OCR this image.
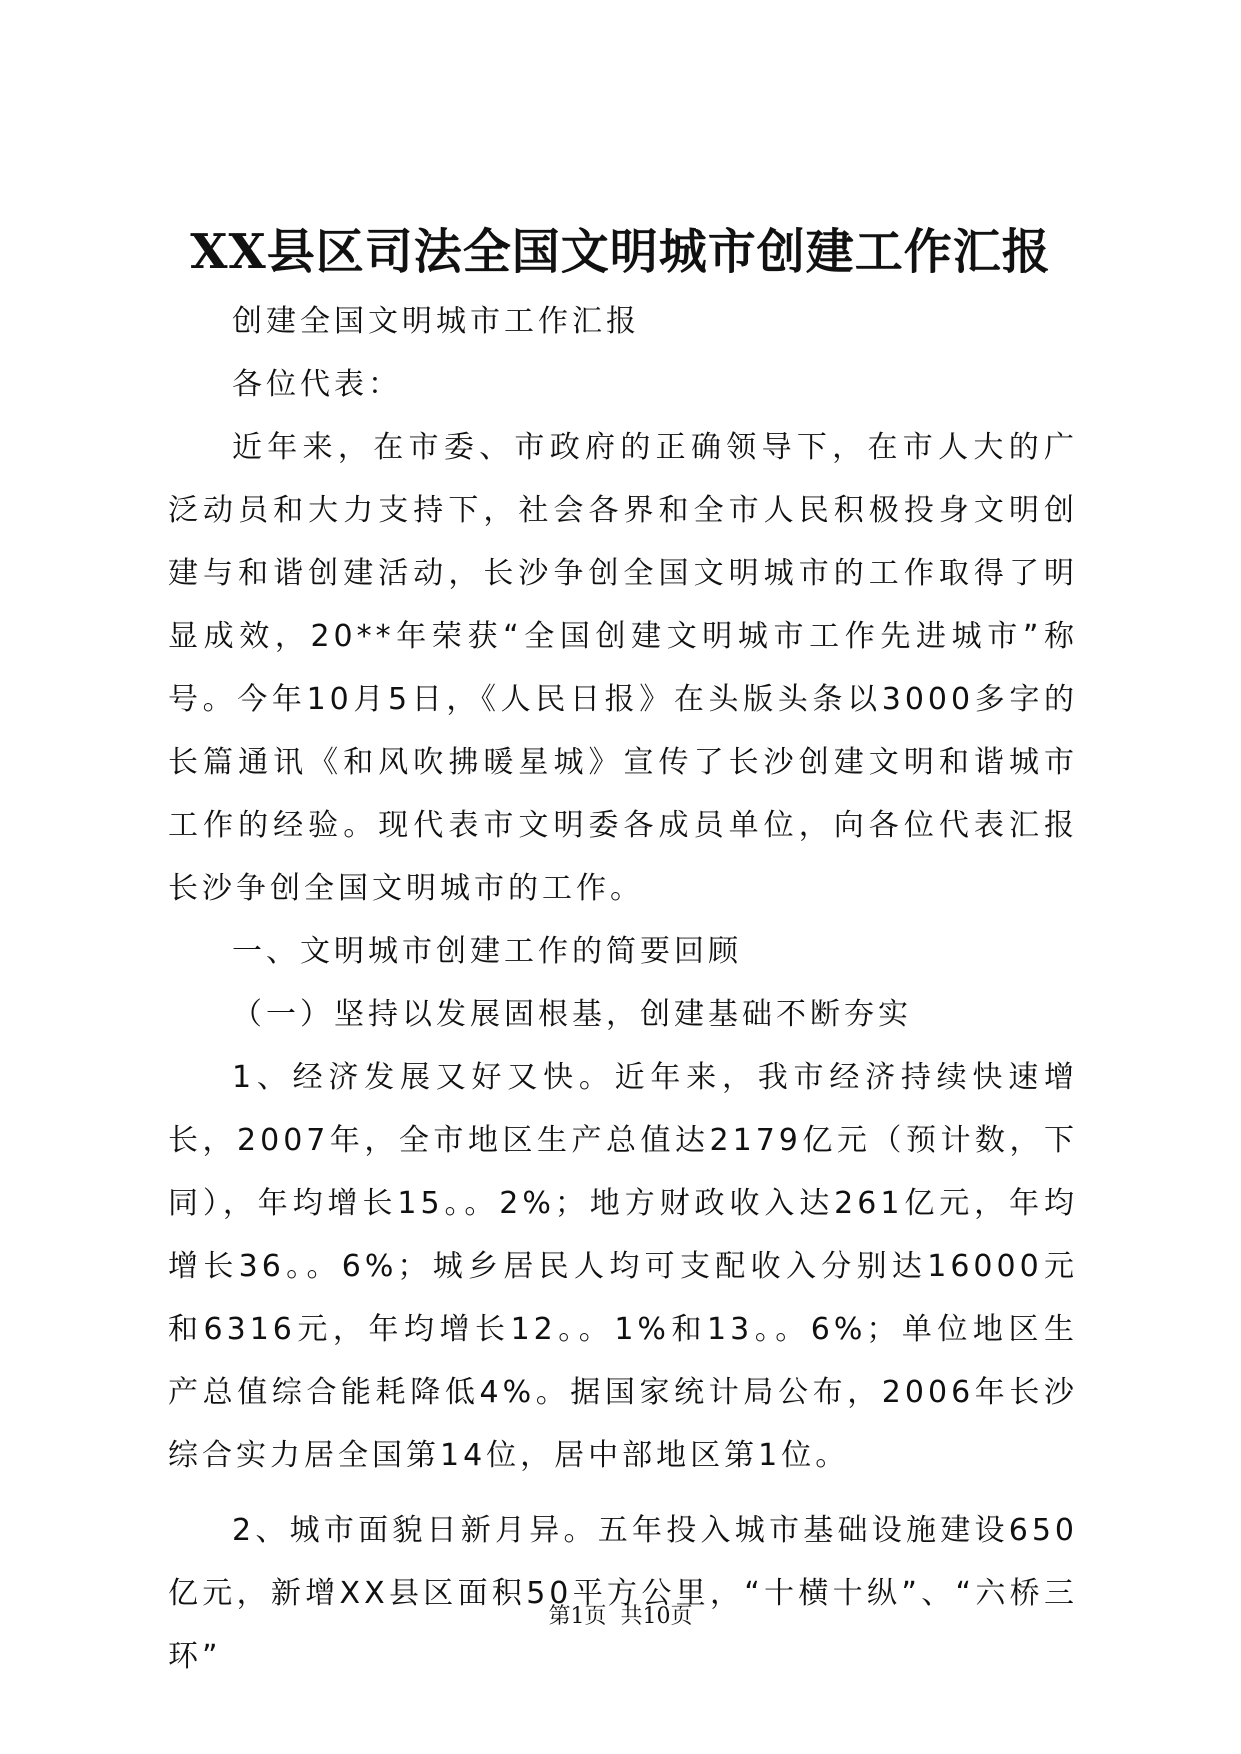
XX县区司法全国文明城市创建工作汇报

创建全国文明城市工作汇报

各位代表：

近年来，在市委、市政府的正确领导下，在市人大的广泛动员和大力支持下，社会各界和全市人民积极投身文明创建与和谐创建活动，长沙争创全国文明城市的工作取得了明显成效，20**年荣获“全国创建文明城市工作先进城市”称号。今年10月5日，《人民日报》在头版头条以3000多字的长篇通讯《和风吹拂暖星城》宣传了长沙创建文明和谐城市工作的经验。现代表市文明委各成员单位，向各位代表汇报长沙争创全国文明城市的工作。

一、文明城市创建工作的简要回顾

（一）坚持以发展固根基，创建基础不断夯实

1、经济发展又好又快。近年来，我市经济持续快速增长，2007年，全市地区生产总值达2179亿元（预计数，下同），年均增长15。。2%；地方财政收入达261亿元，年均增长36。。6%；城乡居民人均可支配收入分别达16000元和6316元，年均增长12。。1%和13。。6%；单位地区生产总值综合能耗降低4%。据国家统计局公布，2006年长沙综合实力居全国第14位，居中部地区第1位。

2、城市面貌日新月异。五年投入城市基础设施建设650亿元，新增XX县区面积50平方公里，“十横十纵”、“六桥三环”

第1页 共10页
